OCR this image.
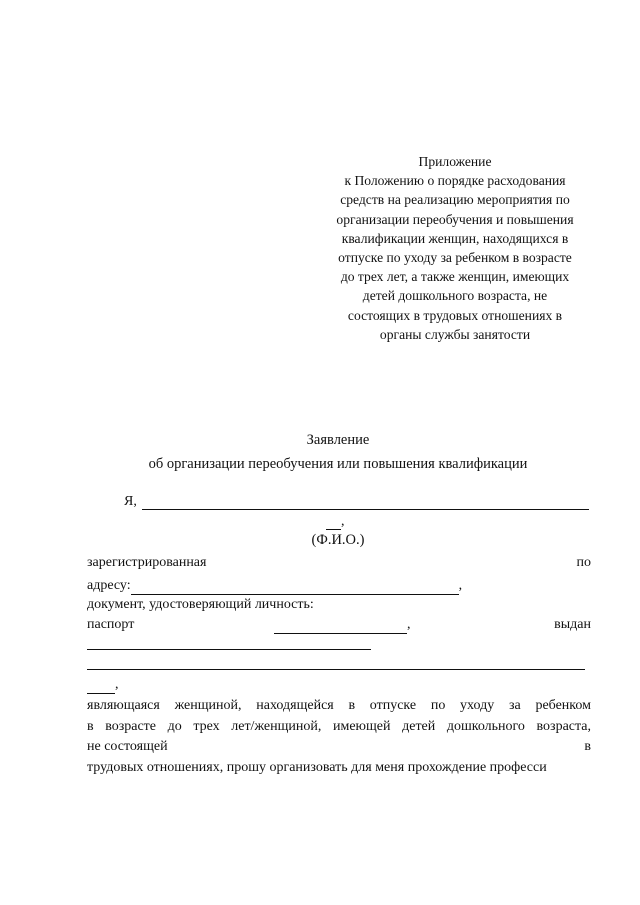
Приложение
к Положению о порядке расходования
средств на реализацию мероприятия по
организации переобучения и повышения
квалификации женщин, находящихся в
отпуске по уходу за ребенком в возрасте
до трех лет, а также женщин, имеющих
детей дошкольного возраста, не
состоящих в трудовых отношениях в
органы службы занятости
Заявление
об организации переобучения или повышения квалификации
Я,
,
(Ф.И.О.)
зарегистрированная	по
адресу:	,
документ, удостоверяющий личность:
паспорт	,	выдан
,
являющаяся женщиной, находящейся в отпуске по уходу за ребенком
в возрасте до трех лет/женщиной, имеющей детей дошкольного возраста,
не состоящей	в
трудовых отношениях, прошу организовать для меня прохождение професси
